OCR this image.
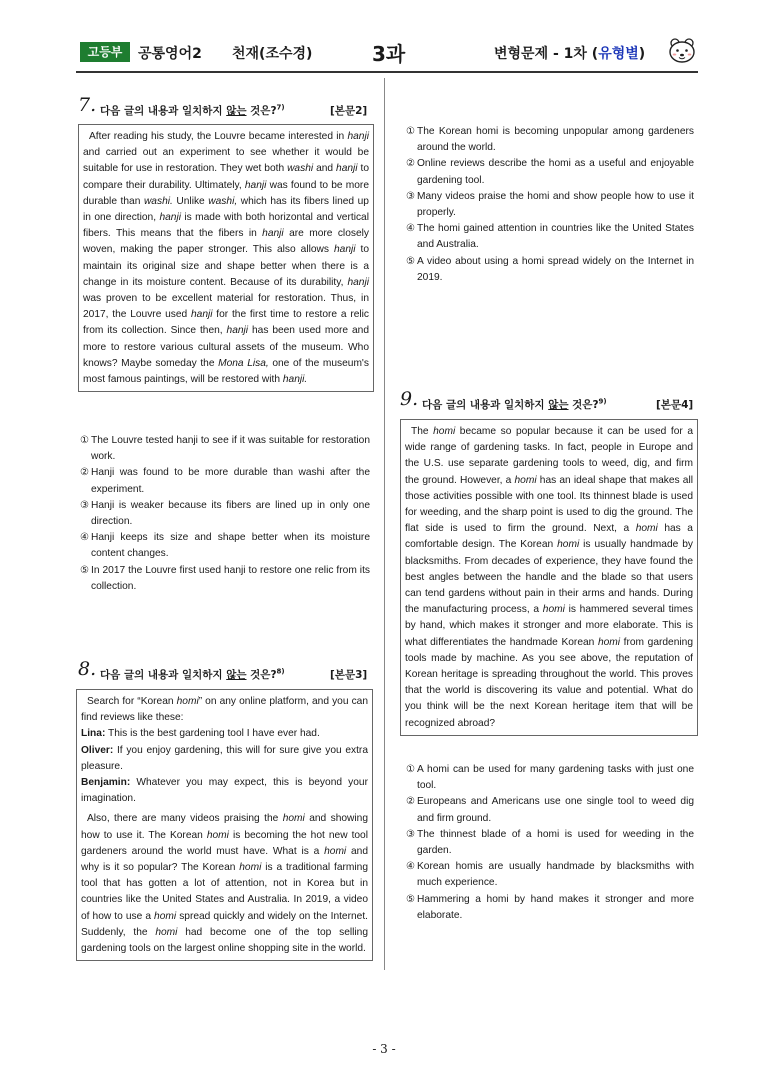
고등부	공통영어2 천재(조수경)	3과	변형문제 - 1차 (유형별)
7. 다음 글의 내용과 일치하지 않는 것은?$^{7)}$	[본문2]

After reading his study, the Louvre became interested in hanji and carried out an experiment to see whether it would be suitable for use in restoration. They wet both washi and hanji to compare their durability. Ultimately, hanji was found to be more durable than washi. Unlike washi, which has its fibers lined up in one direction, hanji is made with both horizontal and vertical fibers. This means that the fibers in hanji are more closely woven, making the paper stronger. This also allows hanji to maintain its original size and shape better when there is a change in its moisture content. Because of its durability, hanji was proven to be excellent material for restoration. Thus, in 2017, the Louvre used hanji for the first time to restore a relic from its collection. Since then, hanji has been used more and more to restore various cultural assets of the museum. Who knows? Maybe someday the Mona Lisa, one of the museum's most famous paintings, will be restored with hanji.

① The Louvre tested hanji to see if it was suitable for restoration work.
② Hanji was found to be more durable than washi after the experiment.
③ Hanji is weaker because its fibers are lined up in only one direction.
④ Hanji keeps its size and shape better when its moisture content changes.
⑤ In 2017 the Louvre first used hanji to restore one relic from its collection.
8. 다음 글의 내용과 일치하지 않는 것은?$^{8)}$	[본문3]

Search for “Korean homi” on any online platform, and you can find reviews like these:

Lina: This is the best gardening tool I have ever had.

Oliver: If you enjoy gardening, this will for sure give you extra pleasure.

Benjamin: Whatever you may expect, this is beyond your imagination.

Also, there are many videos praising the homi and showing how to use it. The Korean homi is becoming the hot new tool gardeners around the world must have. What is a homi and why is it so popular? The Korean homi is a traditional farming tool that has gotten a lot of attention, not in Korea but in countries like the United States and Australia. In 2019, a video of how to use a homi spread quickly and widely on the Internet. Suddenly, the homi had become one of the top selling gardening tools on the largest online shopping site in the world.

① The Korean homi is becoming unpopular among gardeners around the world.
② Online reviews describe the homi as a useful and enjoyable gardening tool.
③ Many videos praise the homi and show people how to use it properly.
④ The homi gained attention in countries like the United States and Australia.
⑤ A video about using a homi spread widely on the Internet in 2019.
9. 다음 글의 내용과 일치하지 않는 것은?$^{9)}$	[본문4]

The homi became so popular because it can be used for a wide range of gardening tasks. In fact, people in Europe and the U.S. use separate gardening tools to weed, dig, and firm the ground. However, a homi has an ideal shape that makes all those activities possible with one tool. Its thinnest blade is used for weeding, and the sharp point is used to dig the ground. The flat side is used to firm the ground. Next, a homi has a comfortable design. The Korean homi is usually handmade by blacksmiths. From decades of experience, they have found the best angles between the handle and the blade so that users can tend gardens without pain in their arms and hands. During the manufacturing process, a homi is hammered several times by hand, which makes it stronger and more elaborate. This is what differentiates the handmade Korean homi from gardening tools made by machine. As you see above, the reputation of Korean heritage is spreading throughout the world. This proves that the world is discovering its value and potential. What do you think will be the next Korean heritage item that will be recognized abroad?

① A homi can be used for many gardening tasks with just one tool.
② Europeans and Americans use one single tool to weed dig and firm ground.
③ The thinnest blade of a homi is used for weeding in the garden.
④ Korean homis are usually handmade by blacksmiths with much experience.
⑤ Hammering a homi by hand makes it stronger and more elaborate.
- 3 -
